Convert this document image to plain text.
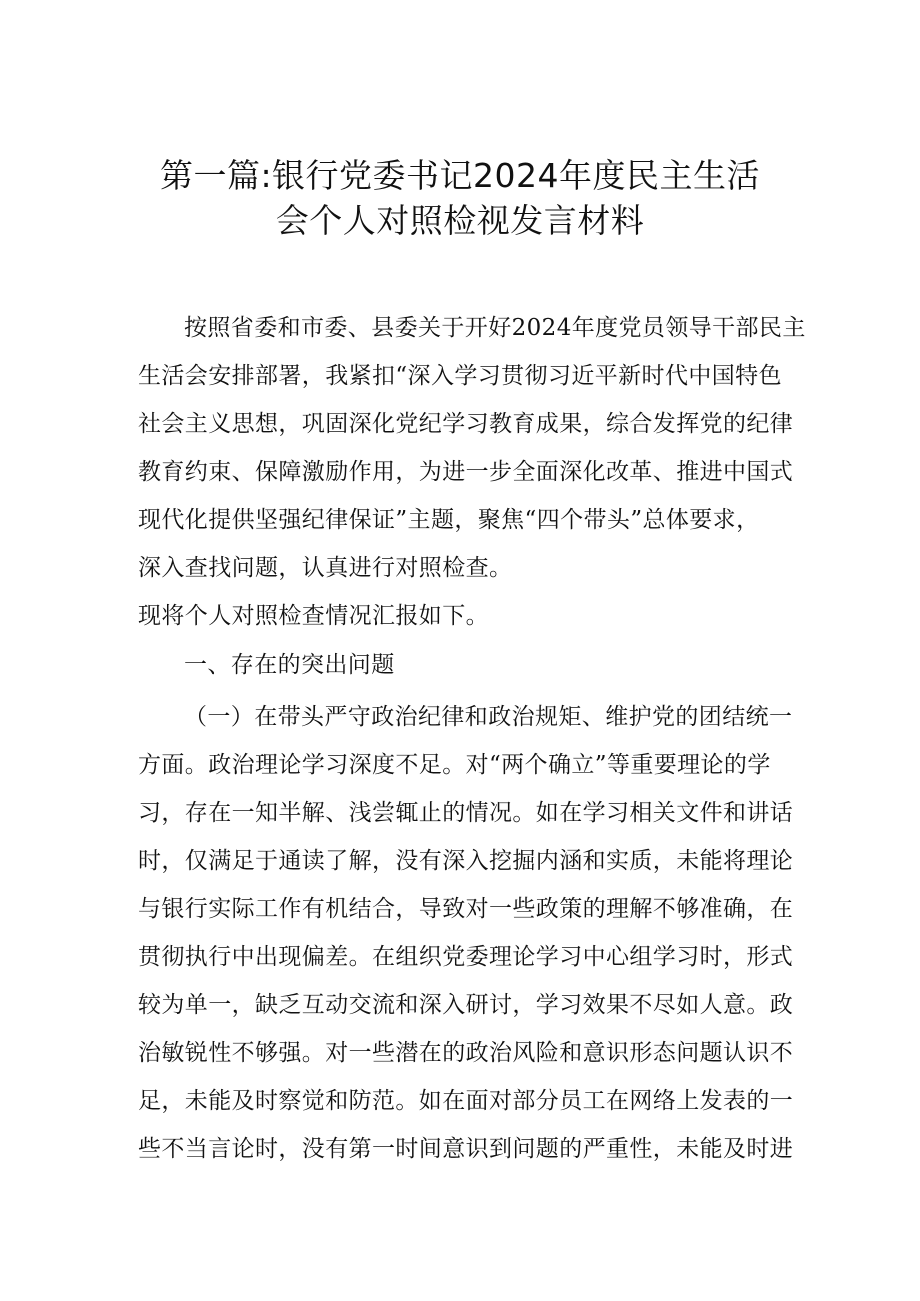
第一篇:银行党委书记2024年度民主生活
会个人对照检视发言材料
按照省委和市委、县委关于开好2024年度党员领导干部民主
生活会安排部署，我紧扣“深入学习贯彻习近平新时代中国特色
社会主义思想，巩固深化党纪学习教育成果，综合发挥党的纪律
教育约束、保障激励作用，为进一步全面深化改革、推进中国式
现代化提供坚强纪律保证”主题，聚焦“四个带头”总体要求，
深入查找问题，认真进行对照检查。
现将个人对照检查情况汇报如下。
一、存在的突出问题
（一）在带头严守政治纪律和政治规矩、维护党的团结统一
方面。政治理论学习深度不足。对“两个确立”等重要理论的学
习，存在一知半解、浅尝辄止的情况。如在学习相关文件和讲话
时，仅满足于通读了解，没有深入挖掘内涵和实质，未能将理论
与银行实际工作有机结合，导致对一些政策的理解不够准确，在
贯彻执行中出现偏差。在组织党委理论学习中心组学习时，形式
较为单一，缺乏互动交流和深入研讨，学习效果不尽如人意。政
治敏锐性不够强。对一些潜在的政治风险和意识形态问题认识不
足，未能及时察觉和防范。如在面对部分员工在网络上发表的一
些不当言论时，没有第一时间意识到问题的严重性，未能及时进
